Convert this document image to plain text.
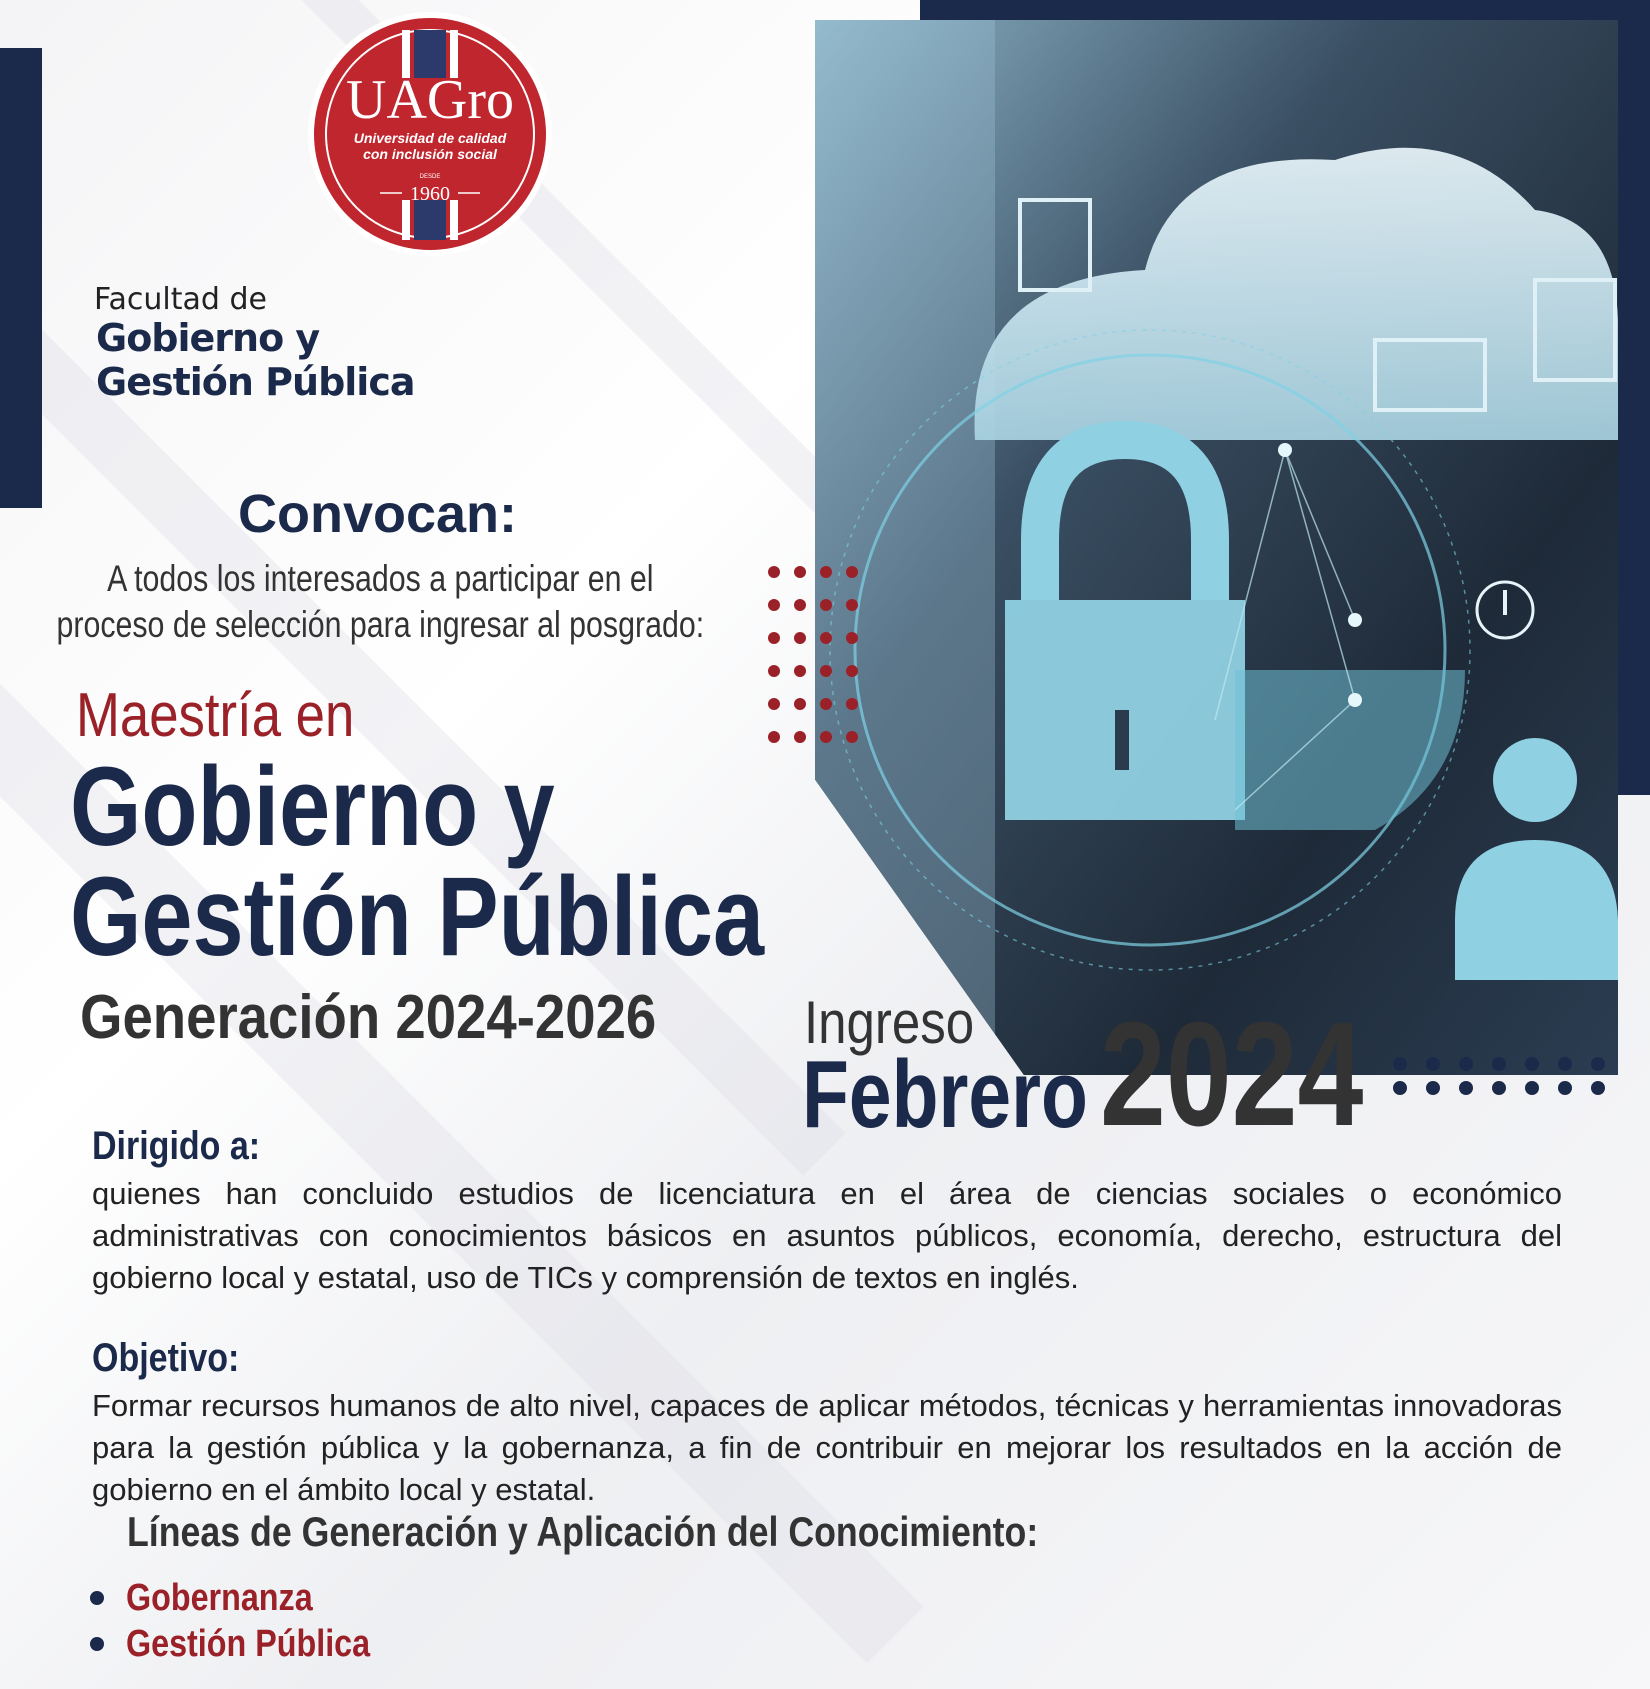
UAGro
Universidad de calidad
con inclusión social
DESDE
1960
Facultad de
Gobierno y
Gestión Pública
Convocan:
A todos los interesados a participar en el
proceso de selección para ingresar al posgrado:
Maestría en
Gobierno y
Gestión Pública
Generación 2024-2026 Ingreso
Febrero 2024
Dirigido a:
quienes han concluido estudios de licenciatura en el área de ciencias sociales o económico administrativas con conocimientos básicos en asuntos públicos, economía, derecho, estructura del gobierno local y estatal, uso de TICs y comprensión de textos en inglés.
Objetivo:
Formar recursos humanos de alto nivel, capaces de aplicar métodos, técnicas y herramientas innovadoras para la gestión pública y la gobernanza, a fin de contribuir en mejorar los resultados en la acción de gobierno en el ámbito local y estatal.
Líneas de Generación y Aplicación del Conocimiento:
Gobernanza
Gestión Pública
